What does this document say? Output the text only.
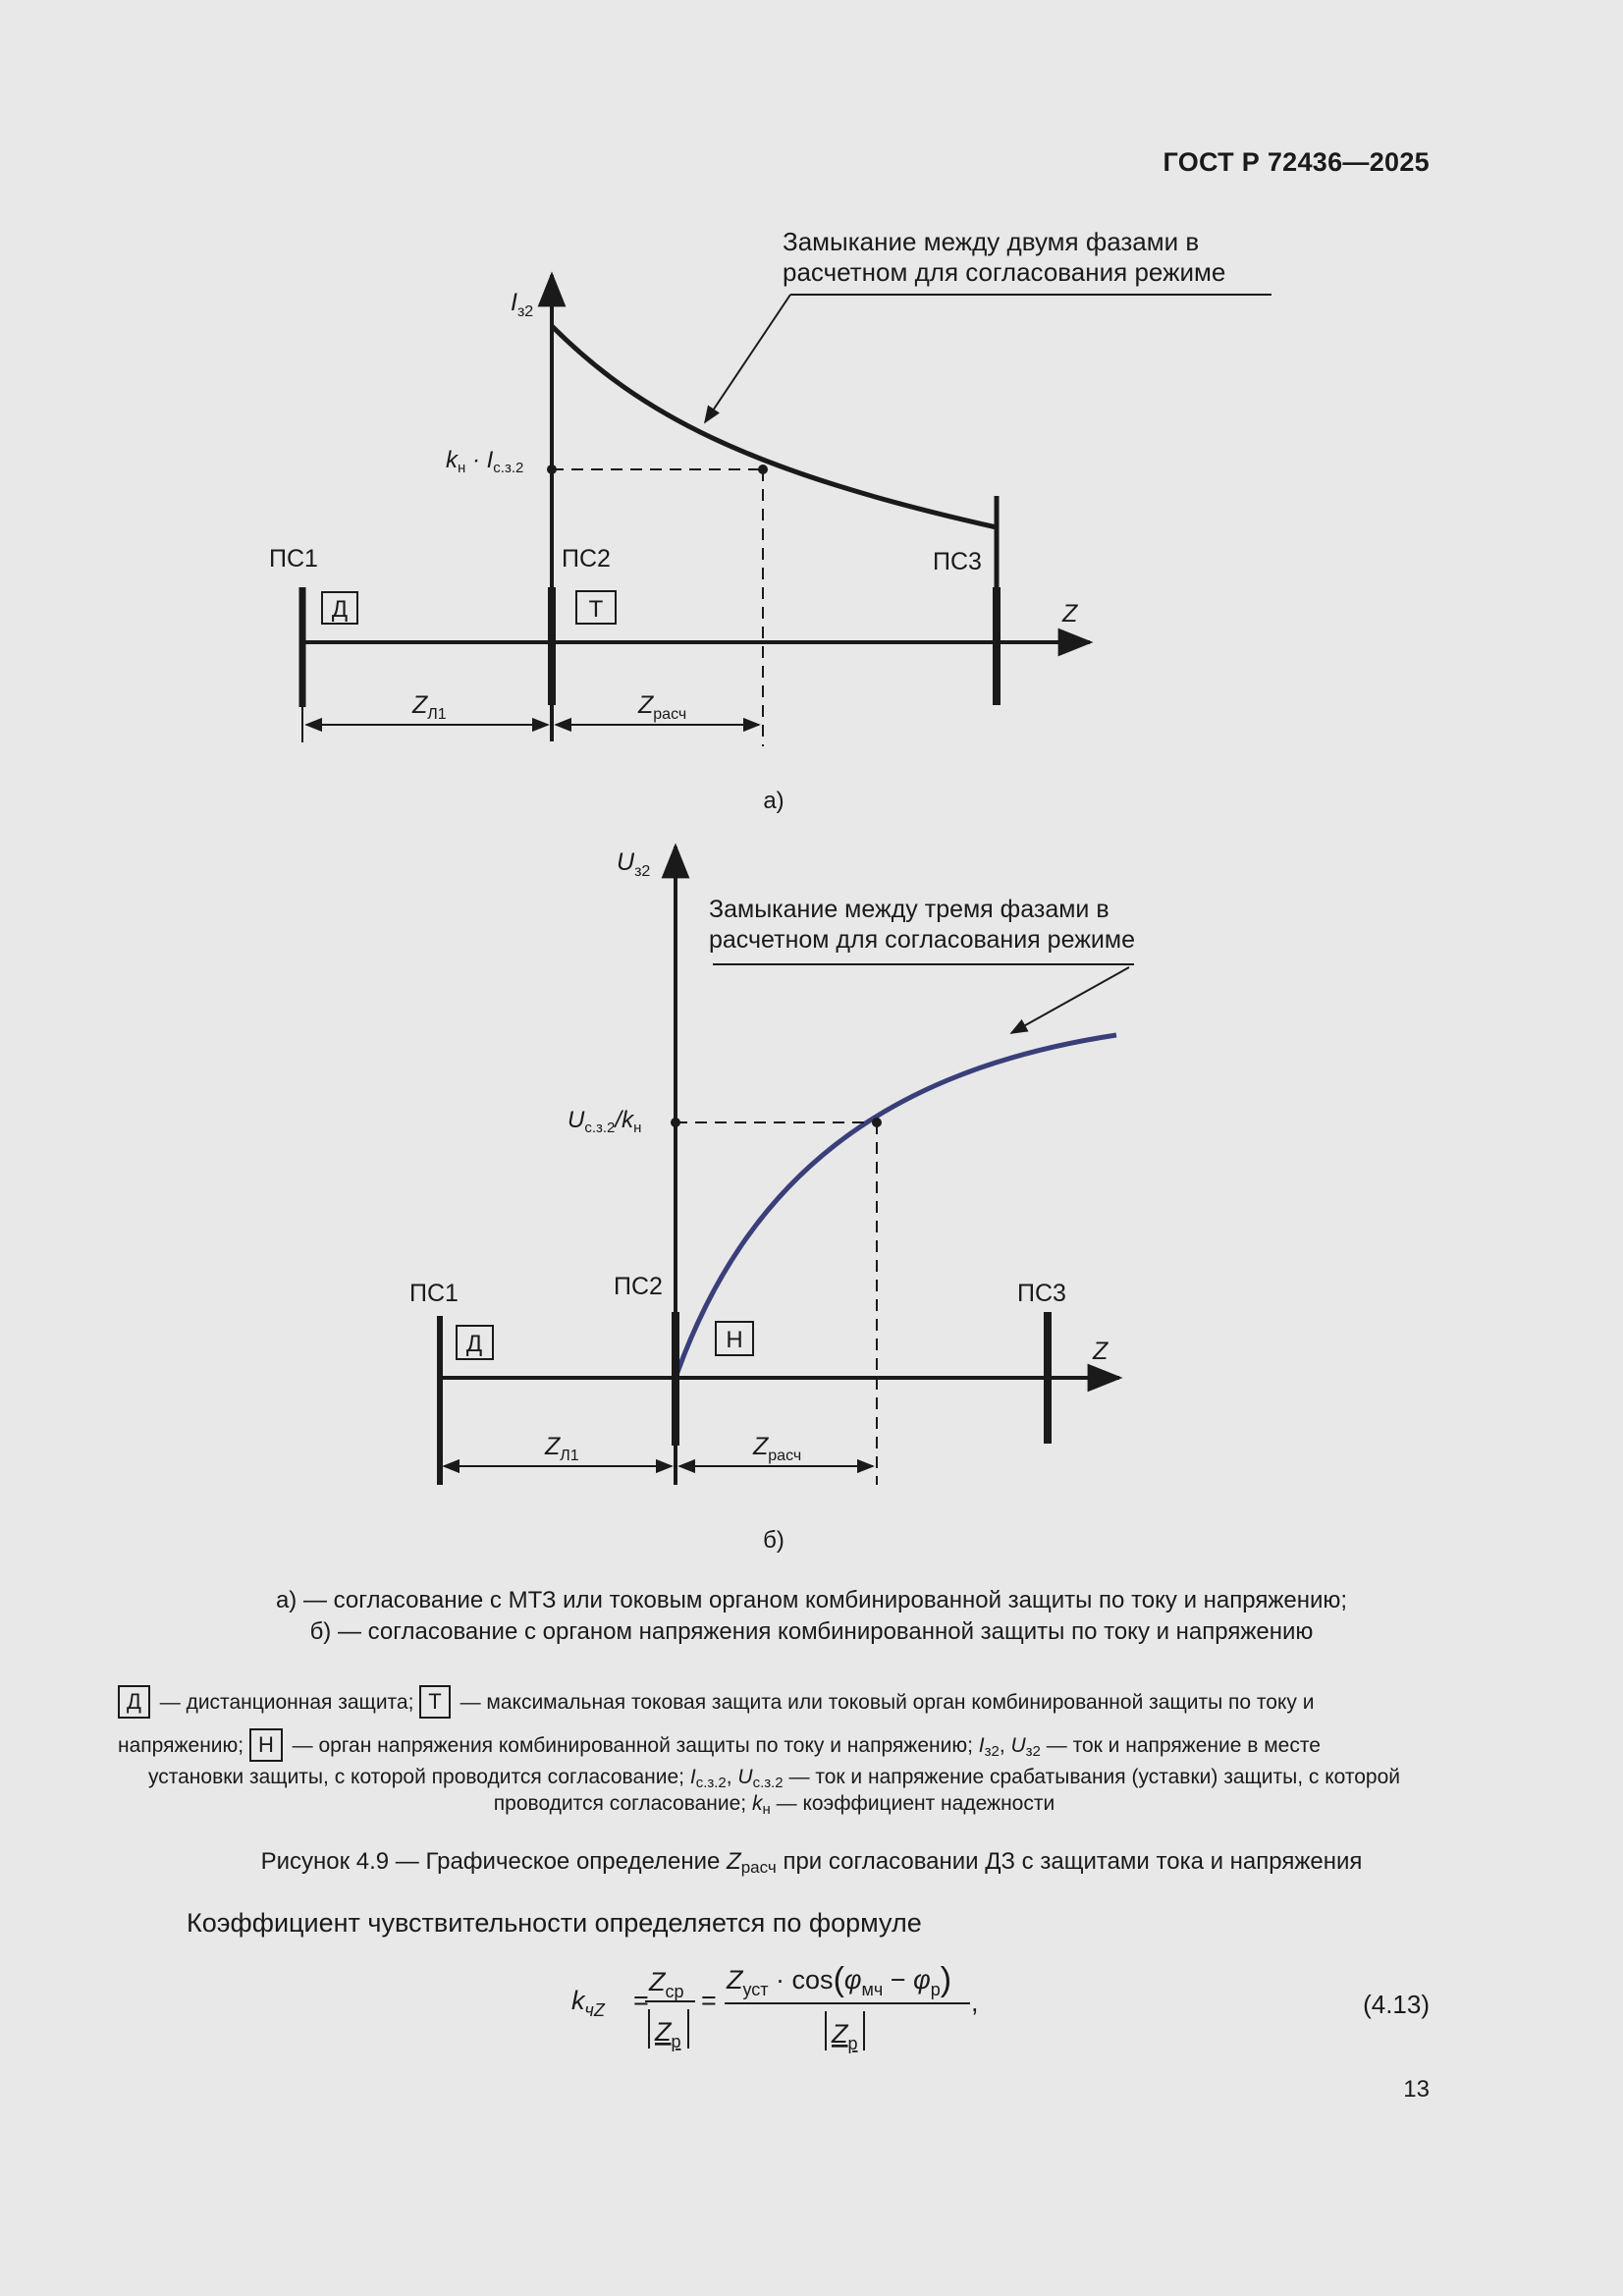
ГОСТ Р 72436—2025
Замыкание между двумя фазами в
расчетном для согласования режиме
$I_{з2}$
$k_н \cdot I_{с.з.2}$
Z
ПС1	ПС2	ПС3
Д	Т
$Z_{Л1}$	$Z_{расч}$
а)
Замыкание между тремя фазами в
расчетном для согласования режиме
$U_{з2}$
$U_{с.з.2}/k_н$
Z
ПС1	ПС2	ПС3
Д	Н
$Z_{Л1}$	$Z_{расч}$
б)
а) — согласование с МТЗ или токовым органом комбинированной защиты по току и напряжению;
б) — согласование с органом напряжения комбинированной защиты по току и напряжению
Д — дистанционная защита; Т — максимальная токовая защита или токовый орган комбинированной защиты по току и
напряжению; Н — орган напряжения комбинированной защиты по току и напряжению; $I_{з2}$, $U_{з2}$ — ток и напряжение в месте
установки защиты, с которой проводится согласование; $I_{с.з.2}$, $U_{с.з.2}$ — ток и напряжение срабатывания (уставки) защиты, с которой
проводится согласование; $k_н$ — коэффициент надежности
Рисунок 4.9 — Графическое определение $Z_{расч}$ при согласовании ДЗ с защитами тока и напряжения
Коэффициент чувствительности определяется по формуле
$k_{чZ}$ =
$Z_{ср}$
$Z_р$
=
$Z_{уст} \cdot \cos(\varphi_{мч} - \varphi_р)$
$Z_р$
,	(4.13)
13
